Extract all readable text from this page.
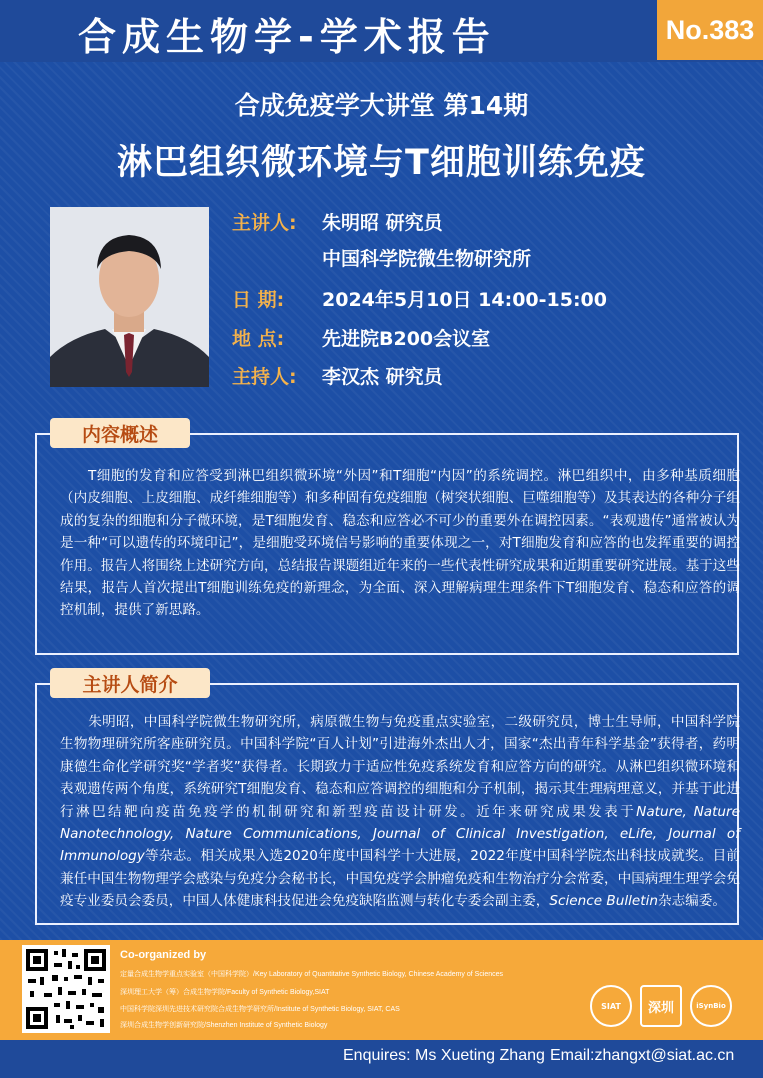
合成生物学-学术报告	No.383
合成免疫学大讲堂 第14期
淋巴组织微环境与T细胞训练免疫
主讲人: 朱明昭 研究员
中国科学院微生物研究所
日 期: 2024年5月10日 14:00-15:00
地 点: 先进院B200会议室
主持人: 李汉杰 研究员
内容概述
T细胞的发育和应答受到淋巴组织微环境“外因”和T细胞“内因”的系统调控。淋巴组织中，由多种基质细胞（内皮细胞、上皮细胞、成纤维细胞等）和多种固有免疫细胞（树突状细胞、巨噬细胞等）及其表达的各种分子组成的复杂的细胞和分子微环境，是T细胞发育、稳态和应答必不可少的重要外在调控因素。“表观遗传”通常被认为是一种“可以遗传的环境印记”，是细胞受环境信号影响的重要体现之一，对T细胞发育和应答的也发挥重要的调控作用。报告人将围绕上述研究方向，总结报告课题组近年来的一些代表性研究成果和近期重要研究进展。基于这些结果，报告人首次提出T细胞训练免疫的新理念，为全面、深入理解病理生理条件下T细胞发育、稳态和应答的调控机制，提供了新思路。
主讲人简介
朱明昭，中国科学院微生物研究所，病原微生物与免疫重点实验室，二级研究员，博士生导师，中国科学院生物物理研究所客座研究员。中国科学院“百人计划”引进海外杰出人才，国家“杰出青年科学基金”获得者，药明康德生命化学研究奖“学者奖”获得者。长期致力于适应性免疫系统发育和应答方向的研究。从淋巴组织微环境和表观遗传两个角度，系统研究T细胞发育、稳态和应答调控的细胞和分子机制，揭示其生理病理意义，并基于此进行淋巴结靶向疫苗免疫学的机制研究和新型疫苗设计研发。近年来研究成果发表于Nature, Nature Nanotechnology, Nature Communications, Journal of Clinical Investigation, eLife, Journal of Immunology等杂志。相关成果入选2020年度中国科学十大进展，2022年度中国科学院杰出科技成就奖。目前兼任中国生物物理学会感染与免疫分会秘书长，中国免疫学会肿瘤免疫和生物治疗分会常委，中国病理生理学会免疫专业委员会委员，中国人体健康科技促进会免疫缺陷监测与转化专委会副主委，Science Bulletin杂志编委。
Co-organized by
定量合成生物学重点实验室（中国科学院）/Key Laboratory of Quantitative Synthetic Biology, Chinese Academy of Sciences
深圳理工大学（筹）合成生物学院/Faculty of Synthetic Biology,SIAT
中国科学院深圳先进技术研究院合成生物学研究所/Institute of Synthetic Biology, SIAT, CAS
深圳合成生物学创新研究院/Shenzhen Institute of Synthetic Biology
SIAT	深圳	iSynBio
Enquires: Ms Xueting Zhang Email:zhangxt@siat.ac.cn
